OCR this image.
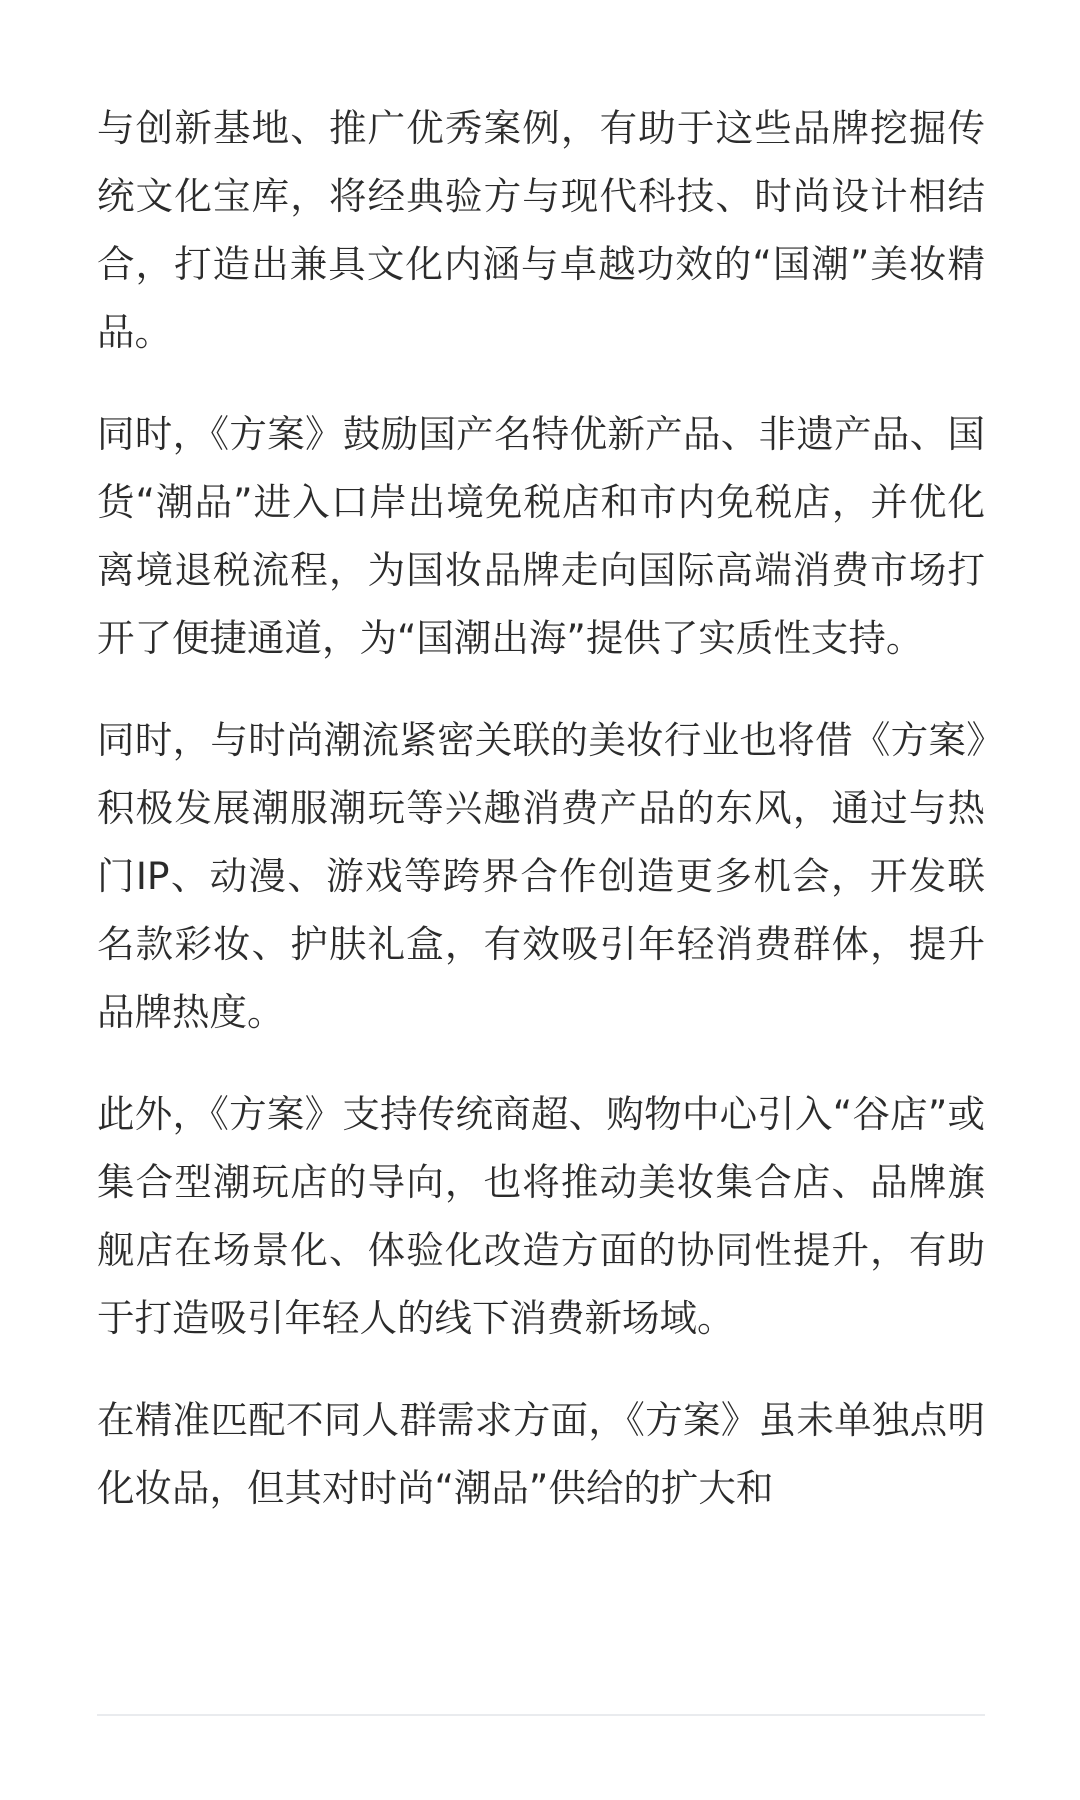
与创新基地、推广优秀案例，有助于这些品牌挖掘传统文化宝库，将经典验方与现代科技、时尚设计相结合，打造出兼具文化内涵与卓越功效的“国潮”美妆精品。

同时，《方案》鼓励国产名特优新产品、非遗产品、国货“潮品”进入口岸出境免税店和市内免税店，并优化离境退税流程，为国妆品牌走向国际高端消费市场打开了便捷通道，为“国潮出海”提供了实质性支持。

同时，与时尚潮流紧密关联的美妆行业也将借《方案》积极发展潮服潮玩等兴趣消费产品的东风，通过与热门IP、动漫、游戏等跨界合作创造更多机会，开发联名款彩妆、护肤礼盒，有效吸引年轻消费群体，提升品牌热度。

此外，《方案》支持传统商超、购物中心引入“谷店”或集合型潮玩店的导向，也将推动美妆集合店、品牌旗舰店在场景化、体验化改造方面的协同性提升，有助于打造吸引年轻人的线下消费新场域。

在精准匹配不同人群需求方面，《方案》虽未单独点明化妆品，但其对时尚“潮品”供给的扩大和
